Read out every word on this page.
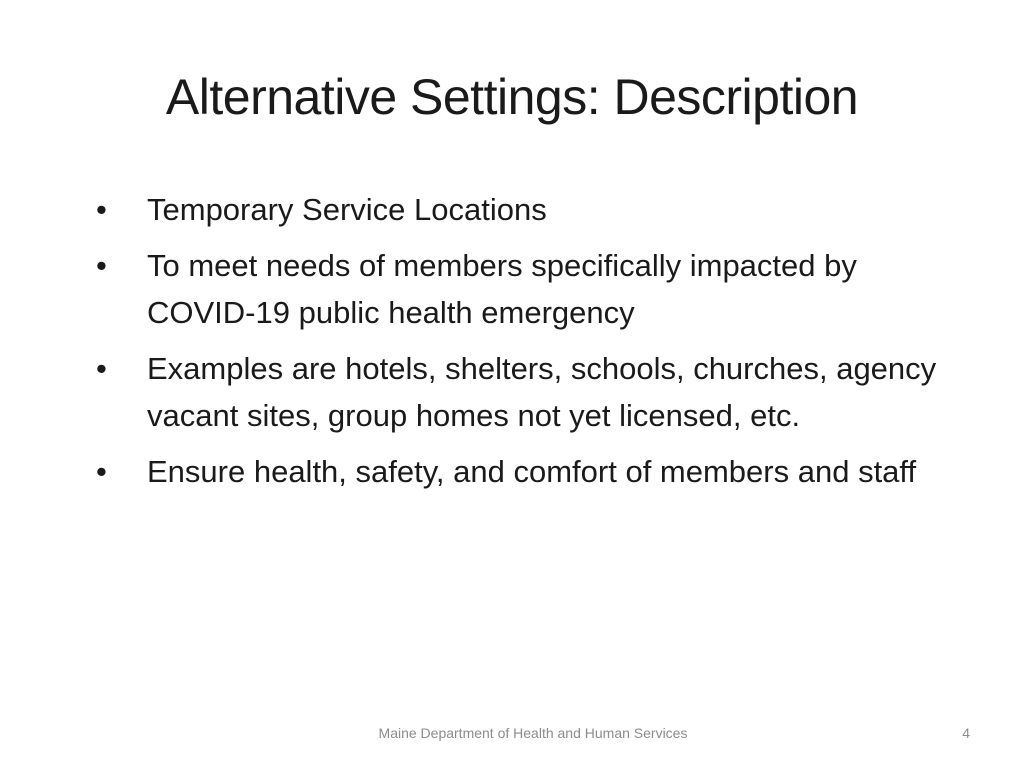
Alternative Settings: Description
• Temporary Service Locations
• To meet needs of members specifically impacted by COVID-19 public health emergency
• Examples are hotels, shelters, schools, churches, agency vacant sites, group homes not yet licensed, etc.
• Ensure health, safety, and comfort of members and staff
Maine Department of Health and Human Services	4
